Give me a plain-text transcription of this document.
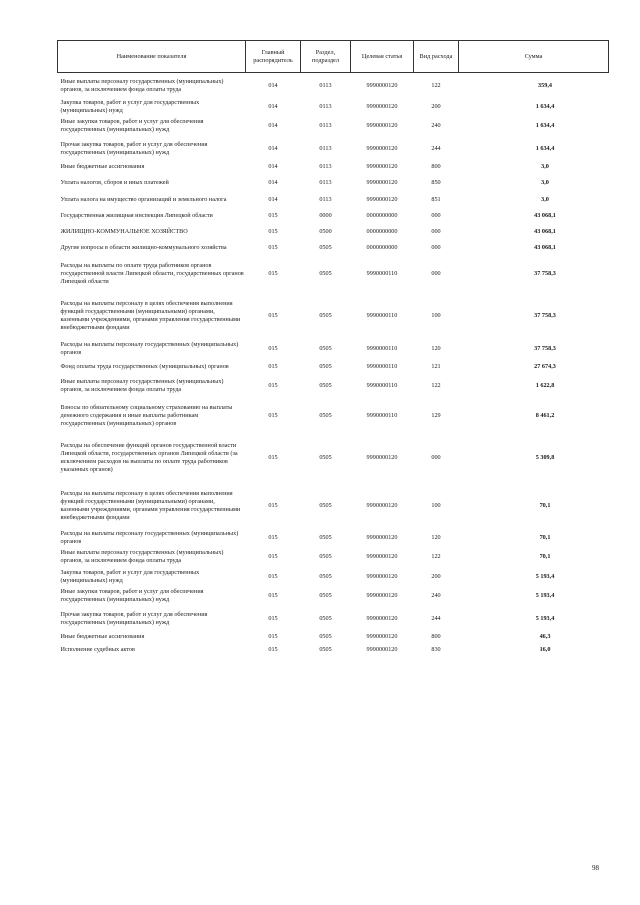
Наименование показателя	Главный распорядитель	Раздел, подраздел	Целевая статья	Вид расхода	Сумма
Иные выплаты персоналу государственных (муниципальных) органов, за исключением фонда оплаты труда	014	0113	9990000120	122	359,4
Закупка товаров, работ и услуг для государственных (муниципальных) нужд	014	0113	9990000120	200	1 634,4
Иные закупки товаров, работ и услуг для обеспечения государственных (муниципальных) нужд	014	0113	9990000120	240	1 634,4
Прочая закупка товаров, работ и услуг для обеспечения государственных (муниципальных) нужд	014	0113	9990000120	244	1 634,4
Иные бюджетные ассигнования	014	0113	9990000120	800	3,0
Уплата налогов, сборов и иных платежей	014	0113	9990000120	850	3,0
Уплата налога на имущество организаций и земельного налога	014	0113	9990000120	851	3,0
Государственная жилищная инспекция Липецкой области	015	0000	0000000000	000	43 068,1
ЖИЛИЩНО-КОММУНАЛЬНОЕ ХОЗЯЙСТВО	015	0500	0000000000	000	43 068,1
Другие вопросы в области жилищно-коммунального хозяйства	015	0505	0000000000	000	43 068,1
Расходы на выплаты по оплате труда работников органов государственной власти Липецкой области, государственных органов Липецкой области	015	0505	9990000110	000	37 758,3
Расходы на выплаты персоналу в целях обеспечения выполнения функций государственными (муниципальными) органами, казенными учреждениями, органами управления государственными внебюджетными фондами	015	0505	9990000110	100	37 758,3
Расходы на выплаты персоналу государственных (муниципальных) органов	015	0505	9990000110	120	37 758,3
Фонд оплаты труда государственных (муниципальных) органов	015	0505	9990000110	121	27 674,3
Иные выплаты персоналу государственных (муниципальных) органов, за исключением фонда оплаты труда	015	0505	9990000110	122	1 622,8
Взносы по обязательному социальному страхованию на выплаты денежного содержания и иные выплаты работникам государственных (муниципальных) органов	015	0505	9990000110	129	8 461,2
Расходы на обеспечение функций органов государственной власти Липецкой области, государственных органов Липецкой области (за исключением расходов на выплаты по оплате труда работников указанных органов)	015	0505	9990000120	000	5 309,8
Расходы на выплаты персоналу в целях обеспечения выполнения функций государственными (муниципальными) органами, казенными учреждениями, органами управления государственными внебюджетными фондами	015	0505	9990000120	100	70,1
Расходы на выплаты персоналу государственных (муниципальных) органов	015	0505	9990000120	120	70,1
Иные выплаты персоналу государственных (муниципальных) органов, за исключением фонда оплаты труда	015	0505	9990000120	122	70,1
Закупка товаров, работ и услуг для государственных (муниципальных) нужд	015	0505	9990000120	200	5 193,4
Иные закупки товаров, работ и услуг для обеспечения государственных (муниципальных) нужд	015	0505	9990000120	240	5 193,4
Прочая закупка товаров, работ и услуг для обеспечения государственных (муниципальных) нужд	015	0505	9990000120	244	5 193,4
Иные бюджетные ассигнования	015	0505	9990000120	800	46,3
Исполнение судебных актов	015	0505	9990000120	830	16,0
98
